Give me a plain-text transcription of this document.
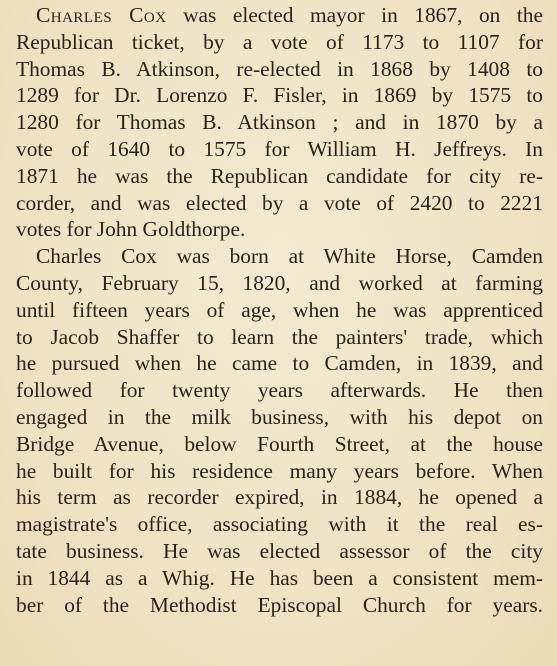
Charles Cox was elected mayor in 1867, on the
Republican ticket, by a vote of 1173 to 1107 for
Thomas B. Atkinson, re-elected in 1868 by 1408 to
1289 for Dr. Lorenzo F. Fisler, in 1869 by 1575 to
1280 for Thomas B. Atkinson ; and in 1870 by a
vote of 1640 to 1575 for William H. Jeffreys. In
1871 he was the Republican candidate for city re-
corder, and was elected by a vote of 2420 to 2221
votes for John Goldthorpe.
Charles Cox was born at White Horse, Camden
County, February 15, 1820, and worked at farming
until fifteen years of age, when he was apprenticed
to Jacob Shaffer to learn the painters' trade, which
he pursued when he came to Camden, in 1839, and
followed for twenty years afterwards. He then
engaged in the milk business, with his depot on
Bridge Avenue, below Fourth Street, at the house
he built for his residence many years before. When
his term as recorder expired, in 1884, he opened a
magistrate's office, associating with it the real es-
tate business. He was elected assessor of the city
in 1844 as a Whig. He has been a consistent mem-
ber of the Methodist Episcopal Church for years.
